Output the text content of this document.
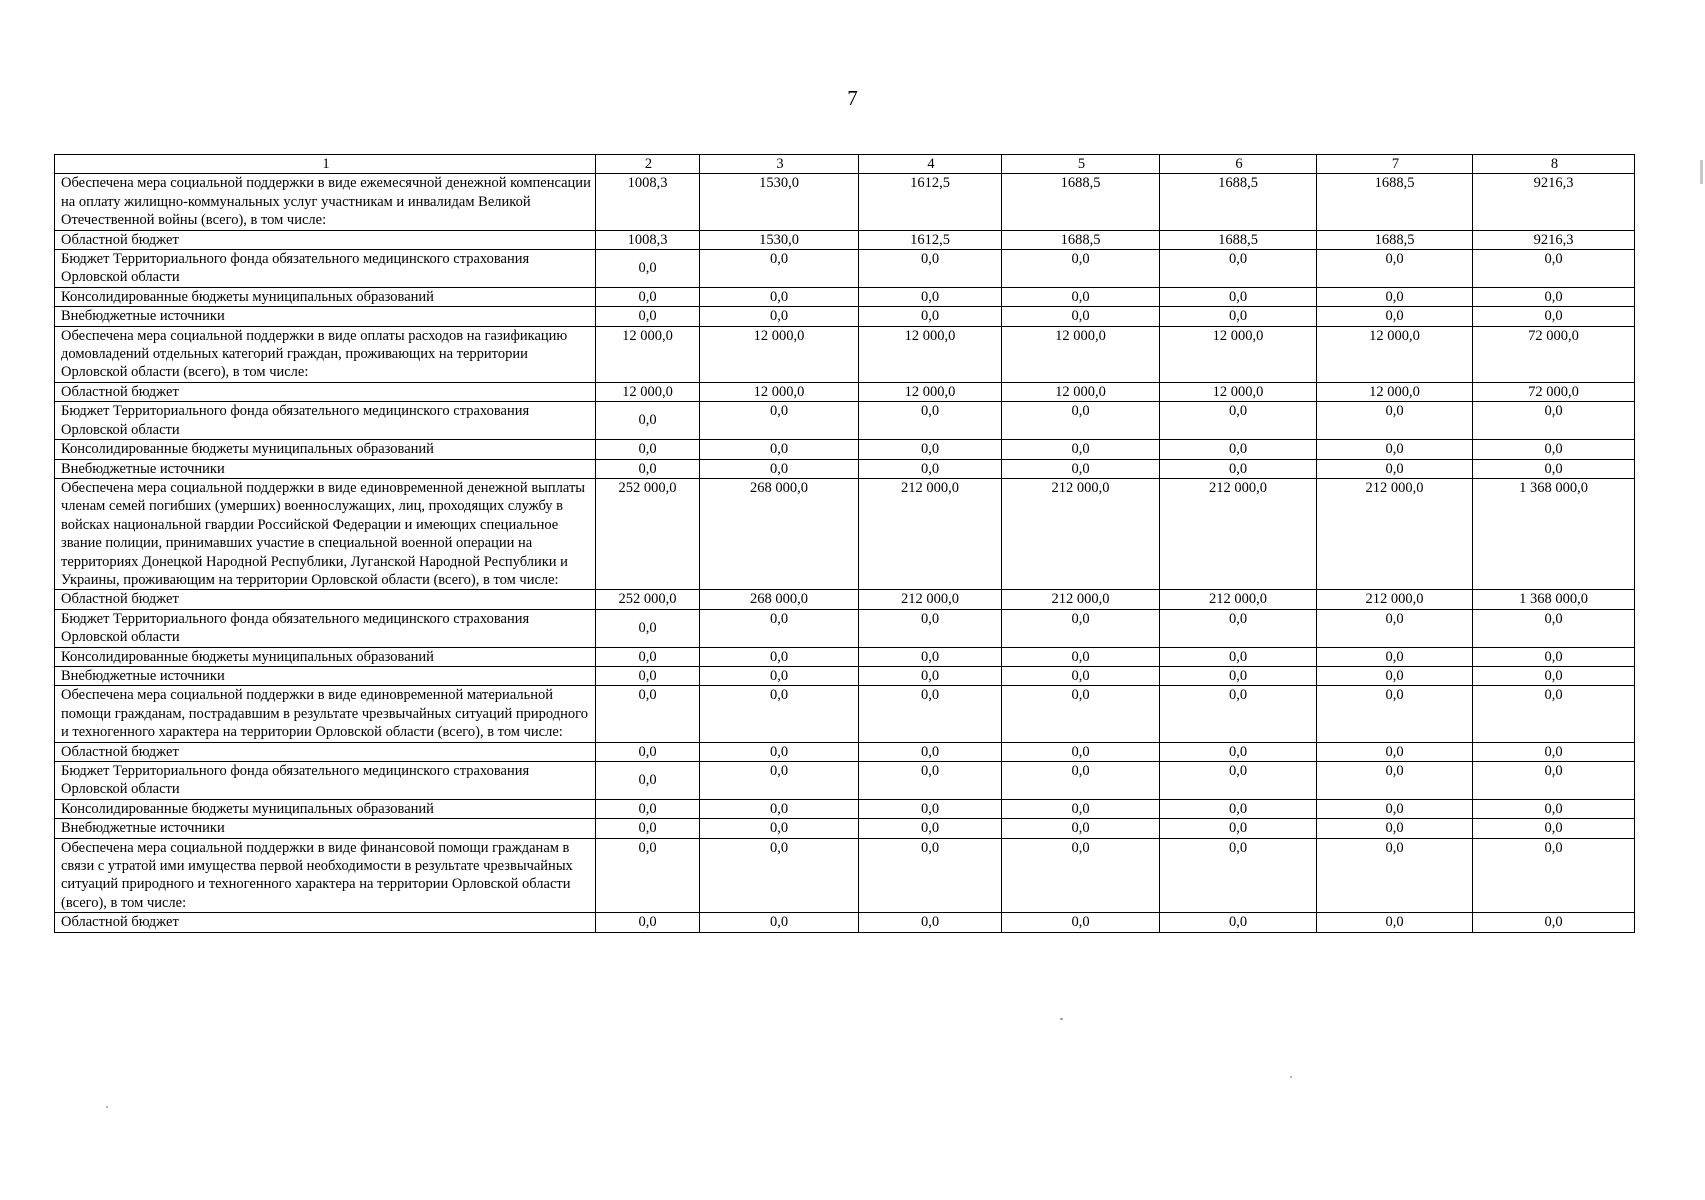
7
1	2	3	4	5	6	7	8
Обеспечена мера социальной поддержки в виде ежемесячной денежной компенсации на оплату жилищно-коммунальных услуг участникам и инвалидам Великой Отечественной войны (всего), в том числе:	1008,3	1530,0	1612,5	1688,5	1688,5	1688,5	9216,3
Областной бюджет	1008,3	1530,0	1612,5	1688,5	1688,5	1688,5	9216,3
Бюджет Территориального фонда обязательного медицинского страхования Орловской области	0,0	0,0	0,0	0,0	0,0	0,0	0,0
Консолидированные бюджеты муниципальных образований	0,0	0,0	0,0	0,0	0,0	0,0	0,0
Внебюджетные источники	0,0	0,0	0,0	0,0	0,0	0,0	0,0
Обеспечена мера социальной поддержки в виде оплаты расходов на газификацию домовладений отдельных категорий граждан, проживающих на территории Орловской области (всего), в том числе:	12 000,0	12 000,0	12 000,0	12 000,0	12 000,0	12 000,0	72 000,0
Областной бюджет	12 000,0	12 000,0	12 000,0	12 000,0	12 000,0	12 000,0	72 000,0
Бюджет Территориального фонда обязательного медицинского страхования Орловской области	0,0	0,0	0,0	0,0	0,0	0,0	0,0
Консолидированные бюджеты муниципальных образований	0,0	0,0	0,0	0,0	0,0	0,0	0,0
Внебюджетные источники	0,0	0,0	0,0	0,0	0,0	0,0	0,0
Обеспечена мера социальной поддержки в виде единовременной денежной выплаты членам семей погибших (умерших) военнослужащих, лиц, проходящих службу в войсках национальной гвардии Российской Федерации и имеющих специальное звание полиции, принимавших участие в специальной военной операции на территориях Донецкой Народной Республики, Луганской Народной Республики и Украины, проживающим на территории Орловской области (всего), в том числе:	252 000,0	268 000,0	212 000,0	212 000,0	212 000,0	212 000,0	1 368 000,0
Областной бюджет	252 000,0	268 000,0	212 000,0	212 000,0	212 000,0	212 000,0	1 368 000,0
Бюджет Территориального фонда обязательного медицинского страхования Орловской области	0,0	0,0	0,0	0,0	0,0	0,0	0,0
Консолидированные бюджеты муниципальных образований	0,0	0,0	0,0	0,0	0,0	0,0	0,0
Внебюджетные источники	0,0	0,0	0,0	0,0	0,0	0,0	0,0
Обеспечена мера социальной поддержки в виде единовременной материальной помощи гражданам, пострадавшим в результате чрезвычайных ситуаций природного и техногенного характера на территории Орловской области (всего), в том числе:	0,0	0,0	0,0	0,0	0,0	0,0	0,0
Областной бюджет	0,0	0,0	0,0	0,0	0,0	0,0	0,0
Бюджет Территориального фонда обязательного медицинского страхования Орловской области	0,0	0,0	0,0	0,0	0,0	0,0	0,0
Консолидированные бюджеты муниципальных образований	0,0	0,0	0,0	0,0	0,0	0,0	0,0
Внебюджетные источники	0,0	0,0	0,0	0,0	0,0	0,0	0,0
Обеспечена мера социальной поддержки в виде финансовой помощи гражданам в связи с утратой ими имущества первой необходимости в результате чрезвычайных ситуаций природного и техногенного характера на территории Орловской области (всего), в том числе:	0,0	0,0	0,0	0,0	0,0	0,0	0,0
Областной бюджет	0,0	0,0	0,0	0,0	0,0	0,0	0,0
